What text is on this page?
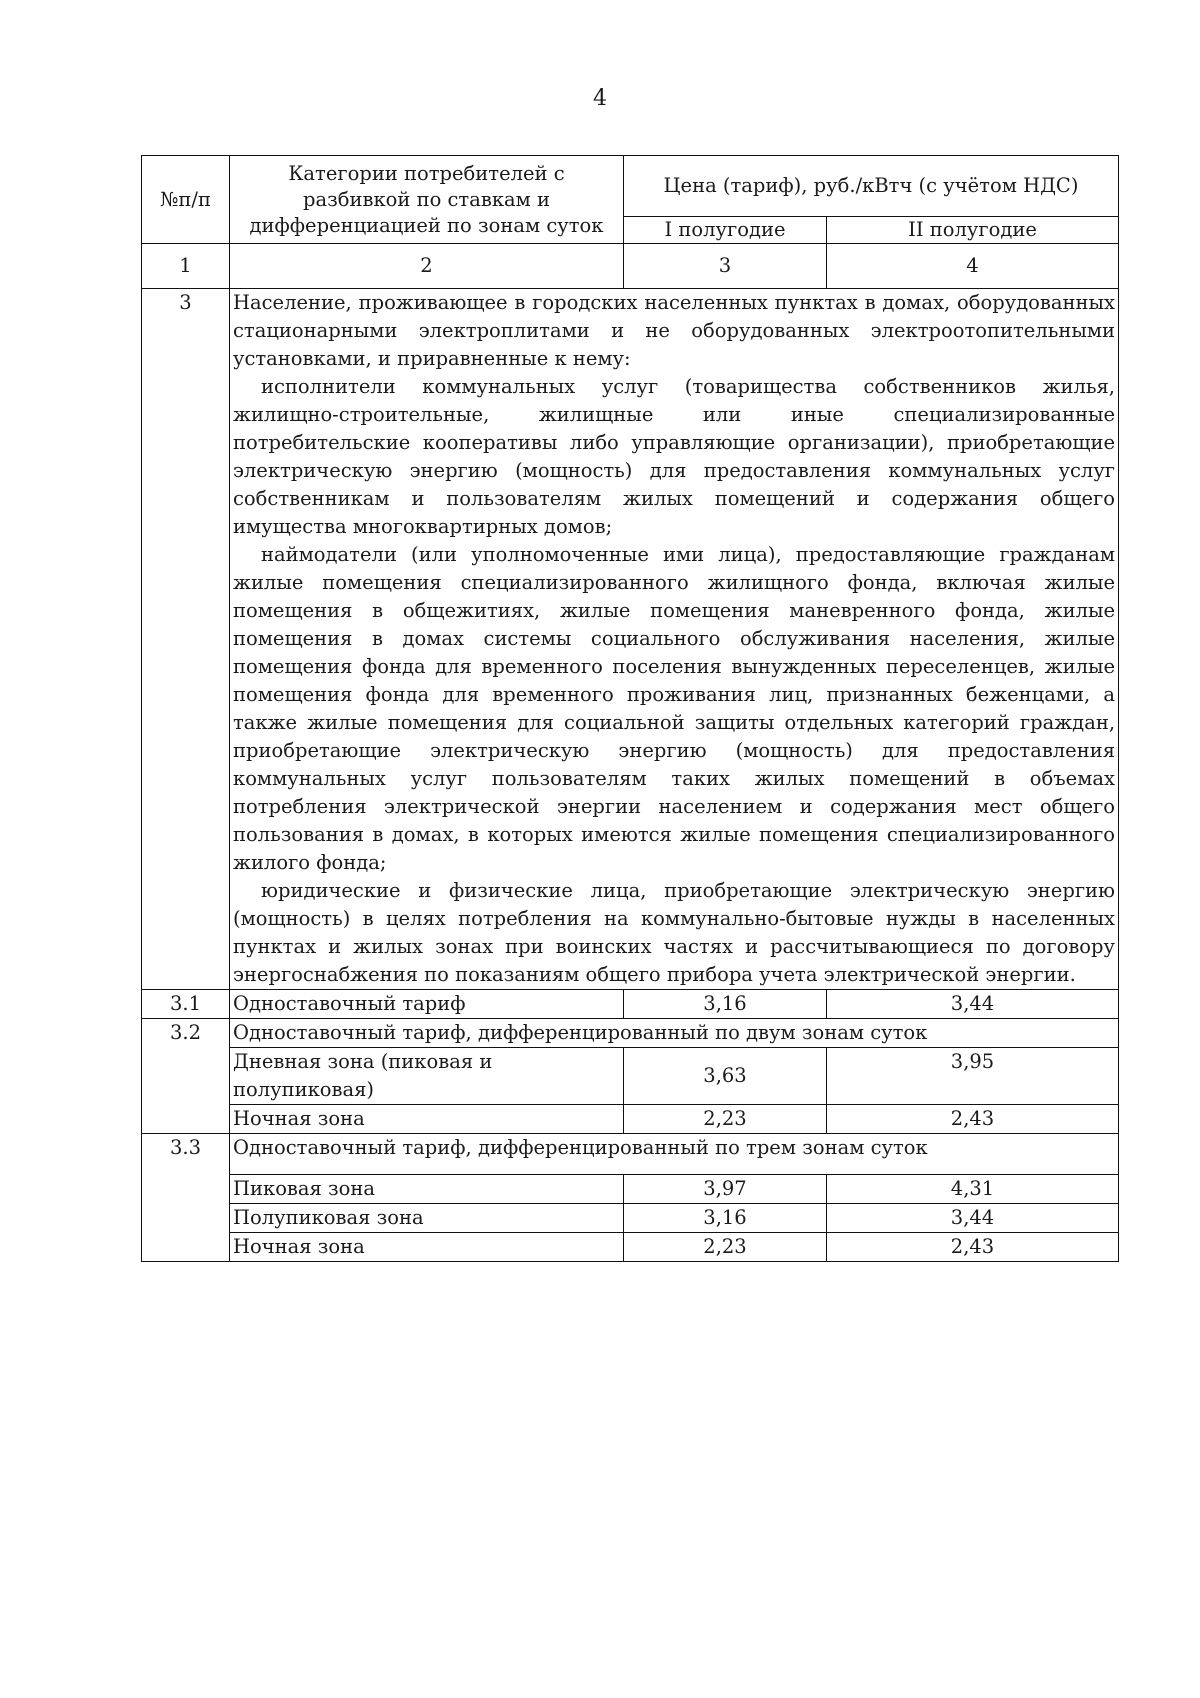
4
№п/п	Категории потребителей с разбивкой по ставкам и дифференциацией по зонам суток	Цена (тариф), руб./кВтч (с учётом НДС)	
		I полугодие	II полугодие
1	2	3	4
3	Население, проживающее в городских населенных пунктах в домах, оборудованных стационарными электроплитами и не оборудованных электроотопительными установками, и приравненные к нему:

исполнители коммунальных услуг (товарищества собственников жилья, жилищно-строительные, жилищные или иные специализированные потребительские кооперативы либо управляющие организации), приобретающие электрическую энергию (мощность) для предоставления коммунальных услуг собственникам и пользователям жилых помещений и содержания общего имущества многоквартирных домов;

наймодатели (или уполномоченные ими лица), предоставляющие гражданам жилые помещения специализированного жилищного фонда, включая жилые помещения в общежитиях, жилые помещения маневренного фонда, жилые помещения в домах системы социального обслуживания населения, жилые помещения фонда для временного поселения вынужденных переселенцев, жилые помещения фонда для временного проживания лиц, признанных беженцами, а также жилые помещения для социальной защиты отдельных категорий граждан, приобретающие электрическую энергию (мощность) для предоставления коммунальных услуг пользователям таких жилых помещений в объемах потребления электрической энергии населением и содержания мест общего пользования в домах, в которых имеются жилые помещения специализированного жилого фонда;

юридические и физические лица, приобретающие электрическую энергию (мощность) в целях потребления на коммунально-бытовые нужды в населенных пунктах и жилых зонах при воинских частях и рассчитывающиеся по договору энергоснабжения по показаниям общего прибора учета электрической энергии.		

3.1	Одноставочный тариф	3,16	3,44
3.2	Одноставочный тариф, дифференцированный по двум зонам суток		
	Дневная зона (пиковая и полупиковая)	3,63	3,95
	Ночная зона	2,23	2,43
3.3	Одноставочный тариф, дифференцированный по трем зонам суток		
	Пиковая зона	3,97	4,31
	Полупиковая зона	3,16	3,44
	Ночная зона	2,23	2,43
